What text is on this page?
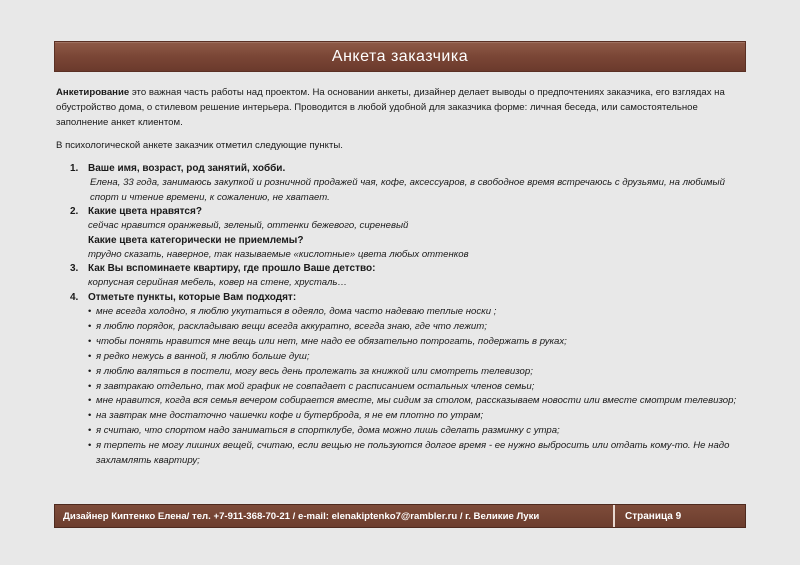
Анкета заказчика
Анкетирование это важная часть работы над проектом. На основании анкеты, дизайнер делает выводы о предпочтениях заказчика, его взглядах на обустройство дома, о стилевом решение интерьера. Проводится в любой удобной для заказчика форме: личная беседа, или самостоятельное заполнение анкет клиентом.
В психологической анкете заказчик отметил следующие пункты.
1. Ваше имя, возраст, род занятий, хобби.
Елена, 33 года, занимаюсь закупкой и розничной продажей чая, кофе, аксессуаров, в свободное время встречаюсь с друзьями, на любимый спорт и чтение времени, к сожалению, не хватает.
2. Какие цвета нравятся?
сейчас нравится оранжевый, зеленый, оттенки бежевого, сиреневый
Какие цвета категорически не приемлемы?
трудно сказать, наверное, так называемые «кислотные» цвета любых оттенков
3. Как Вы вспоминаете квартиру, где прошло Ваше детство:
корпусная серийная мебель, ковер на стене, хрусталь…
4. Отметьте пункты, которые Вам подходят:
• мне всегда холодно, я люблю укутаться в одеяло, дома часто надеваю теплые носки ;
• я люблю порядок, раскладываю вещи всегда аккуратно, всегда знаю, где что лежит;
• чтобы понять нравится мне вещь или нет, мне надо ее обязательно потрогать, подержать в руках;
• я редко нежусь в ванной, я люблю больше душ;
• я люблю валяться в постели, могу весь день пролежать за книжкой или смотреть телевизор;
• я завтракаю отдельно, так мой график не совпадает с расписанием остальных членов семьи;
• мне нравится, когда вся семья вечером собирается вместе, мы сидим за столом, рассказываем новости или вместе смотрим телевизор;
• на завтрак мне достаточно чашечки кофе и бутерброда, я не ем плотно по утрам;
• я считаю, что спортом надо заниматься в спортклубе, дома можно лишь сделать разминку с утра;
• я терпеть не могу лишних вещей, считаю, если вещью не пользуются долгое время - ее нужно выбросить или отдать кому-то. Не надо захламлять квартиру;
Дизайнер Киптенко Елена/ тел. +7-911-368-70-21 / e-mail: elenakiptenko7@rambler.ru / г. Великие Луки	Страница 9
